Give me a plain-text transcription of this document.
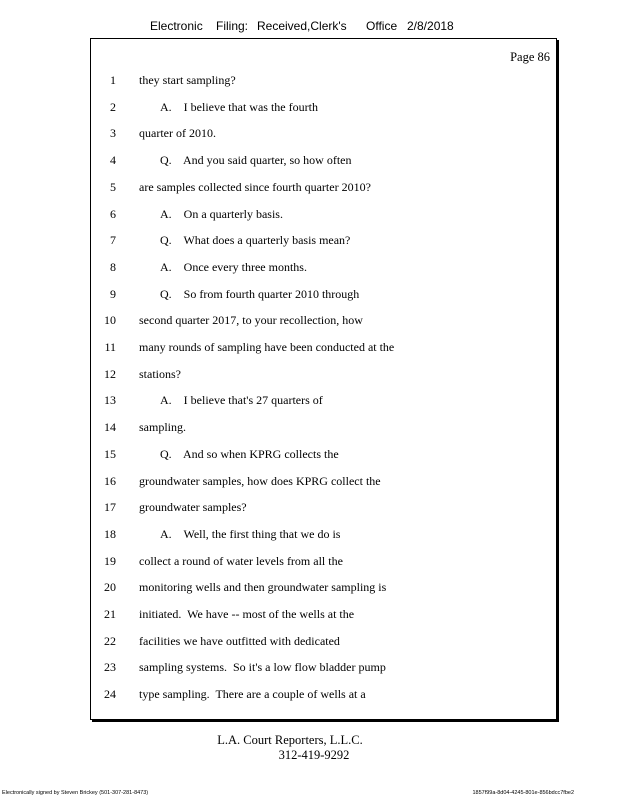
Electronic Filing: Received,Clerk's Office 2/8/2018
Page 86
1 they start sampling?
2	A.    I believe that was the fourth
3 quarter of 2010.
4	Q.    And you said quarter, so how often
5 are samples collected since fourth quarter 2010?
6	A.    On a quarterly basis.
7	Q.    What does a quarterly basis mean?
8	A.    Once every three months.
9	Q.    So from fourth quarter 2010 through
10 second quarter 2017, to your recollection, how
11 many rounds of sampling have been conducted at the
12 stations?
13	A.    I believe that's 27 quarters of
14 sampling.
15	Q.    And so when KPRG collects the
16 groundwater samples, how does KPRG collect the
17 groundwater samples?
18	A.    Well, the first thing that we do is
19 collect a round of water levels from all the
20 monitoring wells and then groundwater sampling is
21 initiated.  We have -- most of the wells at the
22 facilities we have outfitted with dedicated
23 sampling systems.  So it's a low flow bladder pump
24 type sampling.  There are a couple of wells at a
L.A. Court Reporters, L.L.C.
312-419-9292
Electronically signed by Steven Brickey (501-307-281-8473)	1857f99a-8d04-4245-801e-856bdcc7fbe2
